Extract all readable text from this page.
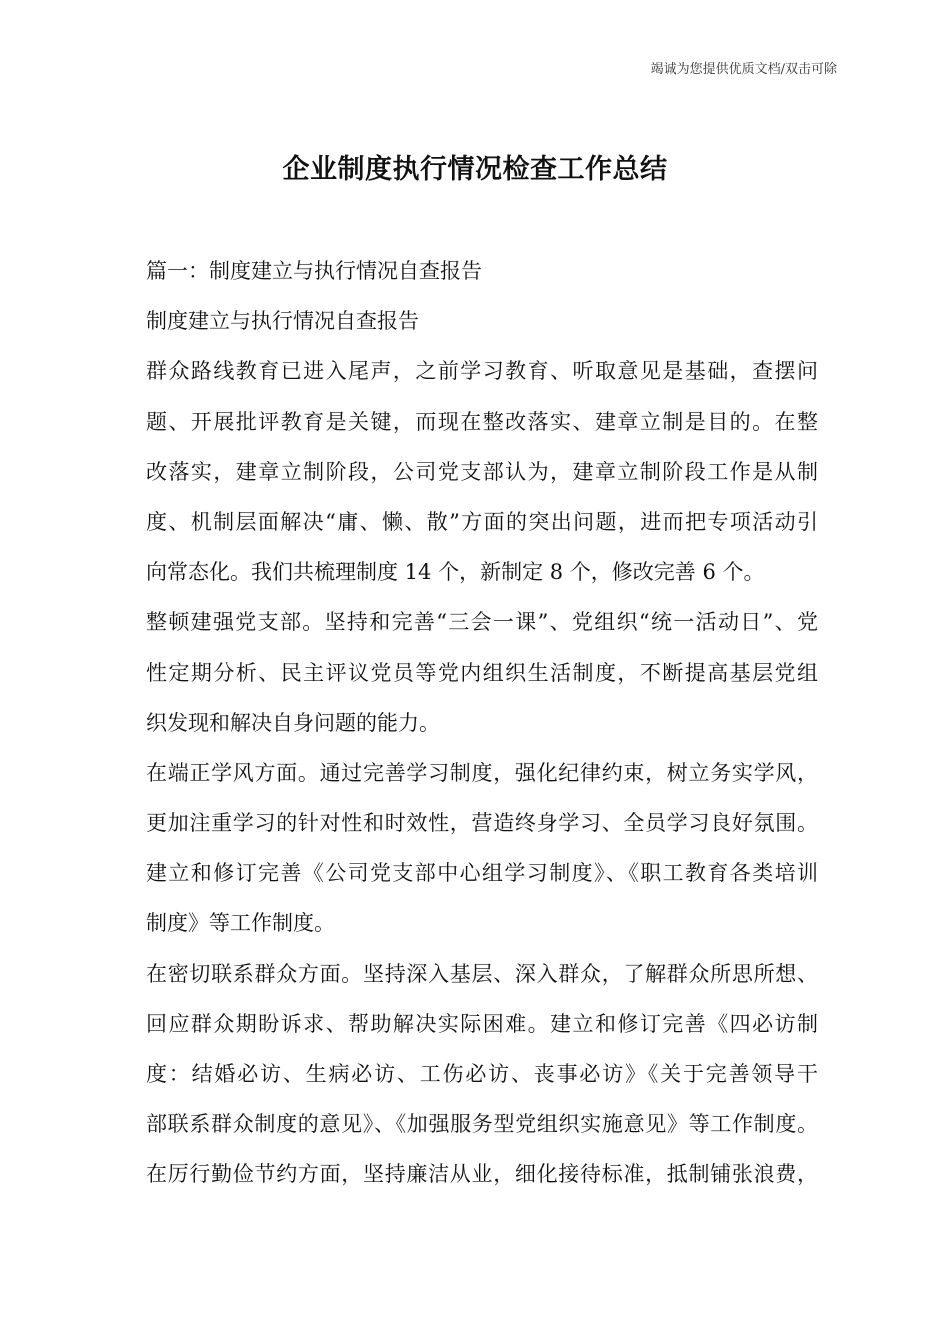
竭诚为您提供优质文档/双击可除
企业制度执行情况检查工作总结
篇一：制度建立与执行情况自查报告
制度建立与执行情况自查报告
群众路线教育已进入尾声，之前学习教育、听取意见是基础，查摆问
题、开展批评教育是关键，而现在整改落实、建章立制是目的。在整
改落实，建章立制阶段，公司党支部认为，建章立制阶段工作是从制
度、机制层面解决“庸、懒、散”方面的突出问题，进而把专项活动引
向常态化。我们共梳理制度 14 个，新制定 8 个，修改完善 6 个。
整顿建强党支部。坚持和完善“三会一课”、党组织“统一活动日”、党
性定期分析、民主评议党员等党内组织生活制度，不断提高基层党组
织发现和解决自身问题的能力。
在端正学风方面。通过完善学习制度，强化纪律约束，树立务实学风，
更加注重学习的针对性和时效性，营造终身学习、全员学习良好氛围。
建立和修订完善《公司党支部中心组学习制度》、《职工教育各类培训
制度》等工作制度。
在密切联系群众方面。坚持深入基层、深入群众，了解群众所思所想、
回应群众期盼诉求、帮助解决实际困难。建立和修订完善《四必访制
度：结婚必访、生病必访、工伤必访、丧事必访》《关于完善领导干
部联系群众制度的意见》、《加强服务型党组织实施意见》等工作制度。
在厉行勤俭节约方面，坚持廉洁从业，细化接待标准，抵制铺张浪费，
